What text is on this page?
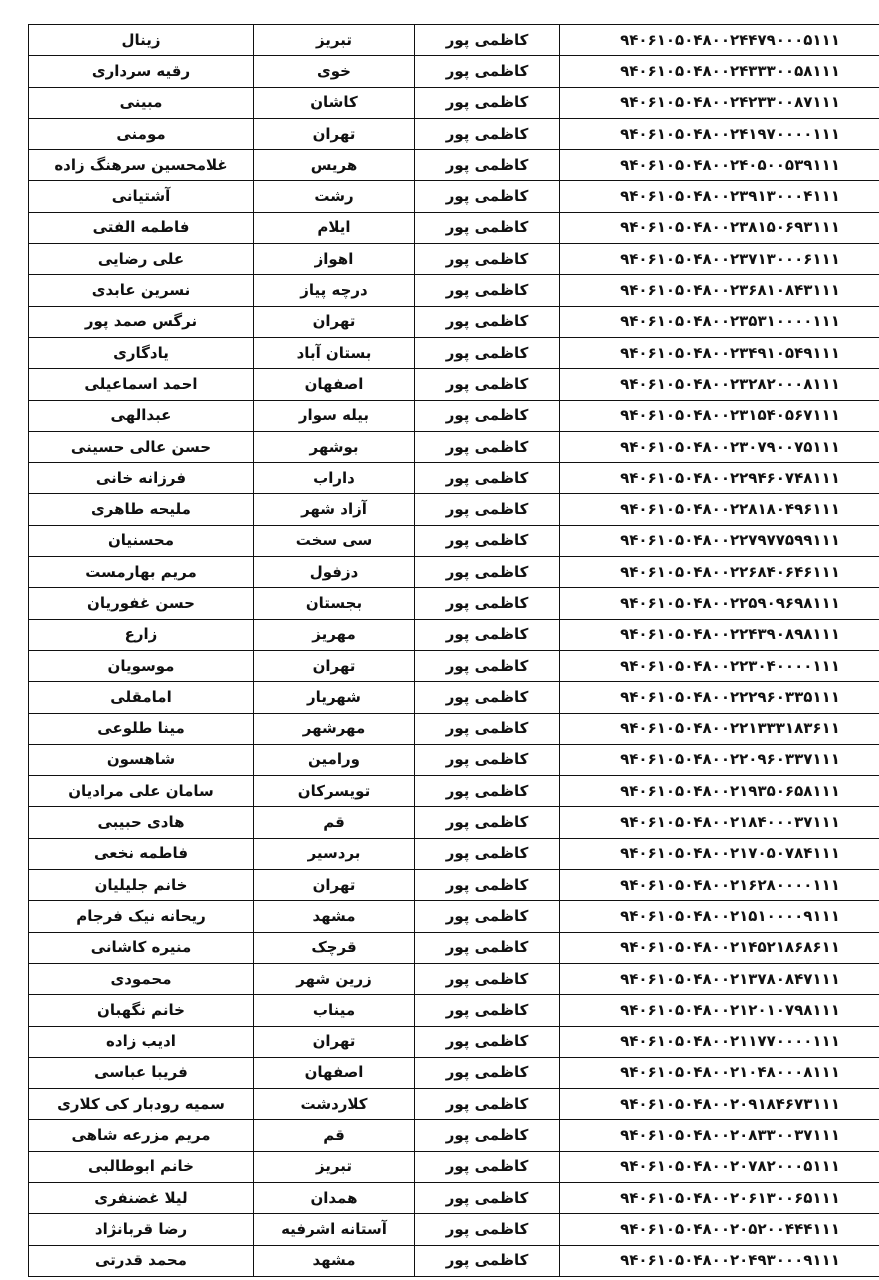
زینال	تبریز	کاظمی پور	۹۴۰۶۱۰۵۰۴۸۰۰۲۴۴۷۹۰۰۰۵۱۱۱
رقیه سرداری	خوی	کاظمی پور	۹۴۰۶۱۰۵۰۴۸۰۰۲۴۳۳۳۰۰۵۸۱۱۱
مبینی	کاشان	کاظمی پور	۹۴۰۶۱۰۵۰۴۸۰۰۲۴۲۳۳۰۰۸۷۱۱۱
مومنی	تهران	کاظمی پور	۹۴۰۶۱۰۵۰۴۸۰۰۲۴۱۹۷۰۰۰۰۱۱۱
غلامحسین سرهنگ زاده	هریس	کاظمی پور	۹۴۰۶۱۰۵۰۴۸۰۰۲۴۰۵۰۰۵۳۹۱۱۱
آشتیانی	رشت	کاظمی پور	۹۴۰۶۱۰۵۰۴۸۰۰۲۳۹۱۳۰۰۰۴۱۱۱
فاطمه الفتی	ایلام	کاظمی پور	۹۴۰۶۱۰۵۰۴۸۰۰۲۳۸۱۵۰۶۹۳۱۱۱
علی رضایی	اهواز	کاظمی پور	۹۴۰۶۱۰۵۰۴۸۰۰۲۳۷۱۳۰۰۰۶۱۱۱
نسرین عابدی	درچه پیاز	کاظمی پور	۹۴۰۶۱۰۵۰۴۸۰۰۲۳۶۸۱۰۸۴۳۱۱۱
نرگس صمد پور	تهران	کاظمی پور	۹۴۰۶۱۰۵۰۴۸۰۰۲۳۵۳۱۰۰۰۰۱۱۱
یادگاری	بستان آباد	کاظمی پور	۹۴۰۶۱۰۵۰۴۸۰۰۲۳۴۹۱۰۵۴۹۱۱۱
احمد اسماعیلی	اصفهان	کاظمی پور	۹۴۰۶۱۰۵۰۴۸۰۰۲۳۲۸۲۰۰۰۸۱۱۱
عبدالهی	بیله سوار	کاظمی پور	۹۴۰۶۱۰۵۰۴۸۰۰۲۳۱۵۴۰۵۶۷۱۱۱
حسن عالی حسینی	بوشهر	کاظمی پور	۹۴۰۶۱۰۵۰۴۸۰۰۲۳۰۷۹۰۰۷۵۱۱۱
فرزانه خانی	داراب	کاظمی پور	۹۴۰۶۱۰۵۰۴۸۰۰۲۲۹۴۶۰۷۴۸۱۱۱
ملیحه طاهری	آزاد شهر	کاظمی پور	۹۴۰۶۱۰۵۰۴۸۰۰۲۲۸۱۸۰۴۹۶۱۱۱
محسنیان	سی سخت	کاظمی پور	۹۴۰۶۱۰۵۰۴۸۰۰۲۲۷۹۷۷۵۹۹۱۱۱
مریم بهارمست	دزفول	کاظمی پور	۹۴۰۶۱۰۵۰۴۸۰۰۲۲۶۸۴۰۶۴۶۱۱۱
حسن غفوریان	بجستان	کاظمی پور	۹۴۰۶۱۰۵۰۴۸۰۰۲۲۵۹۰۹۶۹۸۱۱۱
زارع	مهریز	کاظمی پور	۹۴۰۶۱۰۵۰۴۸۰۰۲۲۴۳۹۰۸۹۸۱۱۱
موسویان	تهران	کاظمی پور	۹۴۰۶۱۰۵۰۴۸۰۰۲۲۳۰۴۰۰۰۰۱۱۱
امامقلی	شهریار	کاظمی پور	۹۴۰۶۱۰۵۰۴۸۰۰۲۲۲۹۶۰۳۳۵۱۱۱
مینا طلوعی	مهرشهر	کاظمی پور	۹۴۰۶۱۰۵۰۴۸۰۰۲۲۱۳۳۳۱۸۳۶۱۱
شاهسون	ورامین	کاظمی پور	۹۴۰۶۱۰۵۰۴۸۰۰۲۲۰۹۶۰۳۳۷۱۱۱
سامان علی مرادیان	تویسرکان	کاظمی پور	۹۴۰۶۱۰۵۰۴۸۰۰۲۱۹۳۵۰۶۵۸۱۱۱
هادی حبیبی	قم	کاظمی پور	۹۴۰۶۱۰۵۰۴۸۰۰۲۱۸۴۰۰۰۳۷۱۱۱
فاطمه نخعی	بردسیر	کاظمی پور	۹۴۰۶۱۰۵۰۴۸۰۰۲۱۷۰۵۰۷۸۴۱۱۱
خانم جلیلیان	تهران	کاظمی پور	۹۴۰۶۱۰۵۰۴۸۰۰۲۱۶۲۸۰۰۰۰۱۱۱
ریحانه نیک فرجام	مشهد	کاظمی پور	۹۴۰۶۱۰۵۰۴۸۰۰۲۱۵۱۰۰۰۰۹۱۱۱
منیره کاشانی	قرچک	کاظمی پور	۹۴۰۶۱۰۵۰۴۸۰۰۲۱۴۵۲۱۸۶۸۶۱۱
محمودی	زرین شهر	کاظمی پور	۹۴۰۶۱۰۵۰۴۸۰۰۲۱۳۷۸۰۸۴۷۱۱۱
خانم نگهبان	میناب	کاظمی پور	۹۴۰۶۱۰۵۰۴۸۰۰۲۱۲۰۱۰۷۹۸۱۱۱
ادیب زاده	تهران	کاظمی پور	۹۴۰۶۱۰۵۰۴۸۰۰۲۱۱۷۷۰۰۰۰۱۱۱
فریبا عباسی	اصفهان	کاظمی پور	۹۴۰۶۱۰۵۰۴۸۰۰۲۱۰۴۸۰۰۰۸۱۱۱
سمیه رودبار کی کلاری	کلاردشت	کاظمی پور	۹۴۰۶۱۰۵۰۴۸۰۰۲۰۹۱۸۴۶۷۳۱۱۱
مریم مزرعه شاهی	قم	کاظمی پور	۹۴۰۶۱۰۵۰۴۸۰۰۲۰۸۳۳۰۰۳۷۱۱۱
خانم ابوطالبی	تبریز	کاظمی پور	۹۴۰۶۱۰۵۰۴۸۰۰۲۰۷۸۲۰۰۰۵۱۱۱
لیلا غضنفری	همدان	کاظمی پور	۹۴۰۶۱۰۵۰۴۸۰۰۲۰۶۱۳۰۰۶۵۱۱۱
رضا قربانژاد	آستانه اشرفیه	کاظمی پور	۹۴۰۶۱۰۵۰۴۸۰۰۲۰۵۲۰۰۴۴۴۱۱۱
محمد قدرتی	مشهد	کاظمی پور	۹۴۰۶۱۰۵۰۴۸۰۰۲۰۴۹۳۰۰۰۹۱۱۱
